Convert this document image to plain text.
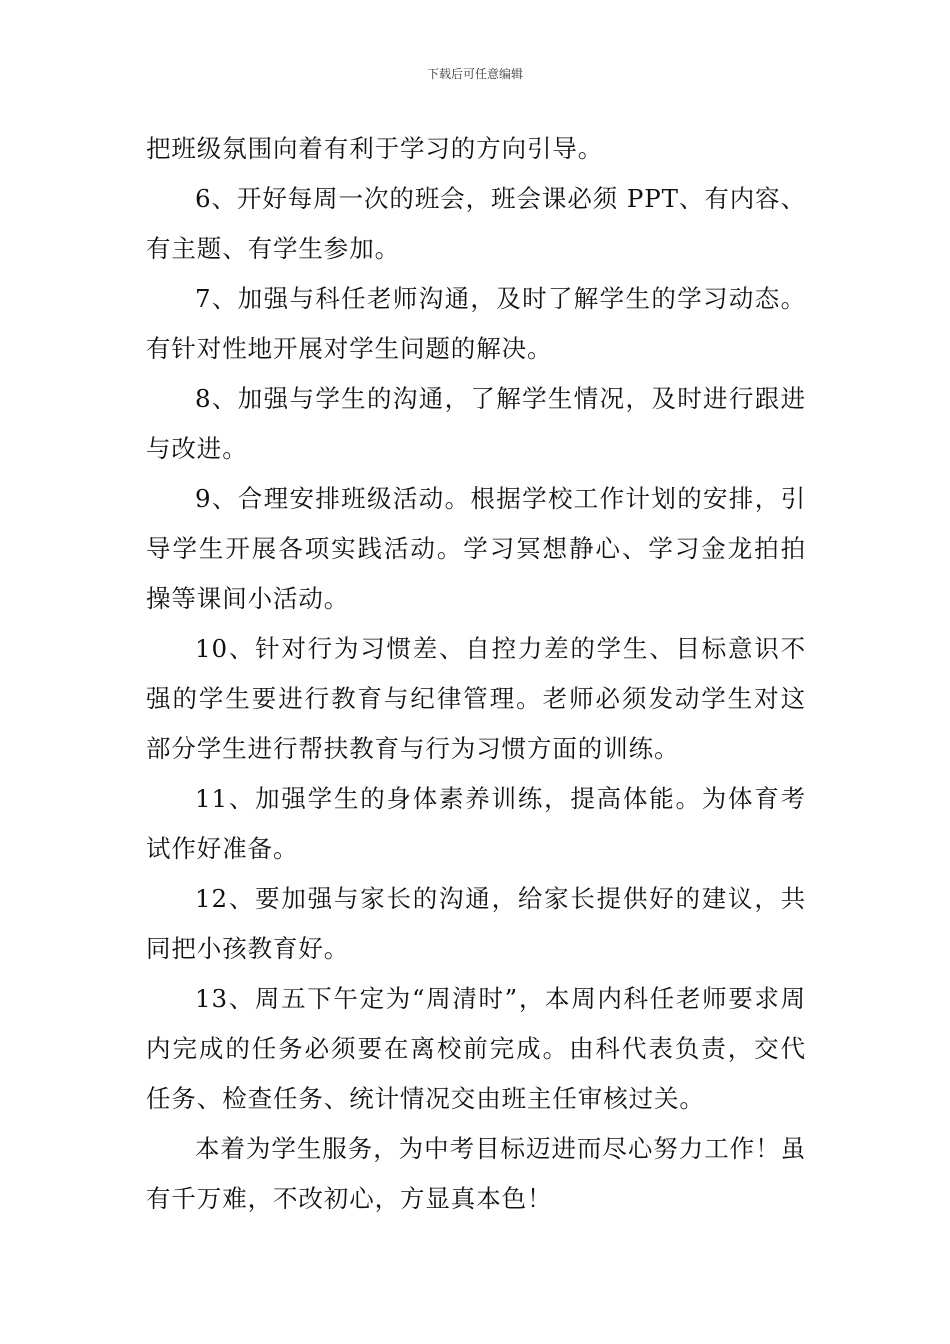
下载后可任意编辑

把班级氛围向着有利于学习的方向引导。

6、开好每周一次的班会，班会课必须 PPT、有内容、有主题、有学生参加。

7、加强与科任老师沟通，及时了解学生的学习动态。有针对性地开展对学生问题的解决。

8、加强与学生的沟通，了解学生情况，及时进行跟进与改进。

9、合理安排班级活动。根据学校工作计划的安排，引导学生开展各项实践活动。学习冥想静心、学习金龙拍拍操等课间小活动。

10、针对行为习惯差、自控力差的学生、目标意识不强的学生要进行教育与纪律管理。老师必须发动学生对这部分学生进行帮扶教育与行为习惯方面的训练。

11、加强学生的身体素养训练，提高体能。为体育考试作好准备。

12、要加强与家长的沟通，给家长提供好的建议，共同把小孩教育好。

13、周五下午定为“周清时”，本周内科任老师要求周内完成的任务必须要在离校前完成。由科代表负责，交代任务、检查任务、统计情况交由班主任审核过关。

本着为学生服务，为中考目标迈进而尽心努力工作！虽有千万难，不改初心，方显真本色！
